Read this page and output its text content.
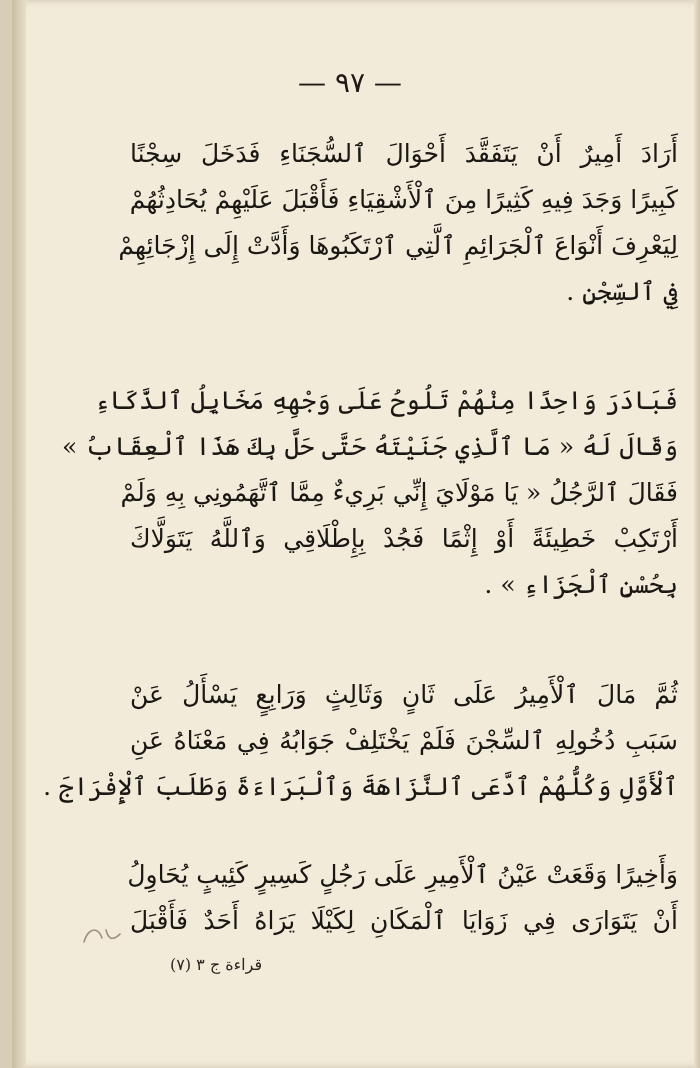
— ٩٧ —
أَرَادَ أَمِيرٌ أَنْ يَتَفَقَّدَ أَحْوَالَ ٱلسُّجَنَاءِ فَدَخَلَ سِجْنًا
كَبِيرًا وَجَدَ فِيهِ كَثِيرًا مِنَ ٱلْأَشْقِيَاءِ فَأَقْبَلَ عَلَيْهِمْ يُحَادِثُهُمْ
لِيَعْرِفَ أَنْوَاعَ ٱلْجَرَائِمِ ٱلَّتِي ٱرْتَكَبُوهَا وَأَدَّتْ إِلَى إِزْجَائِهِمْ
فِي ٱلسِّجْنِ .
فَبَادَرَ وَاحِدًا مِنْهُمْ تَلُوحُ عَلَى وَجْهِهِ مَخَايِلُ ٱلذَّكَاءِ
وَقَالَ لَهُ « مَا ٱلَّذِي جَنَيْتَهُ حَتَّى حَلَّ بِكَ هَذَا ٱلْعِقَابُ »
فَقَالَ ٱلرَّجُلُ « يَا مَوْلَايَ إِنِّي بَرِيءٌ مِمَّا ٱتَّهَمُونِي بِهِ وَلَمْ
أَرْتَكِبْ خَطِيئَةً أَوْ إِثْمًا فَجُدْ بِإِطْلَاقِي وَٱللَّهُ يَتَوَلَّاكَ
بِحُسْنِ ٱلْجَزَاءِ » .
ثُمَّ مَالَ ٱلْأَمِيرُ عَلَى ثَانٍ وَثَالِثٍ وَرَابِعٍ يَسْأَلُ عَنْ
سَبَبِ دُخُولِهِ ٱلسِّجْنَ فَلَمْ يَخْتَلِفْ جَوَابُهُ فِي مَعْنَاهُ عَنِ
ٱلْأَوَّلِ وَكُلُّهُمْ ٱدَّعَى ٱلنَّزَاهَةَ وَٱلْبَرَاءَةَ وَطَلَبَ ٱلْإِفْرَاجَ .
وَأَخِيرًا وَقَعَتْ عَيْنُ ٱلْأَمِيرِ عَلَى رَجُلٍ كَسِيرٍ كَئِيبٍ يُحَاوِلُ
أَنْ يَتَوَارَى فِي زَوَايَا ٱلْمَكَانِ لِكَيْلَا يَرَاهُ أَحَدٌ فَأَقْبَلَ
قراءة ج ٣ (٧)
